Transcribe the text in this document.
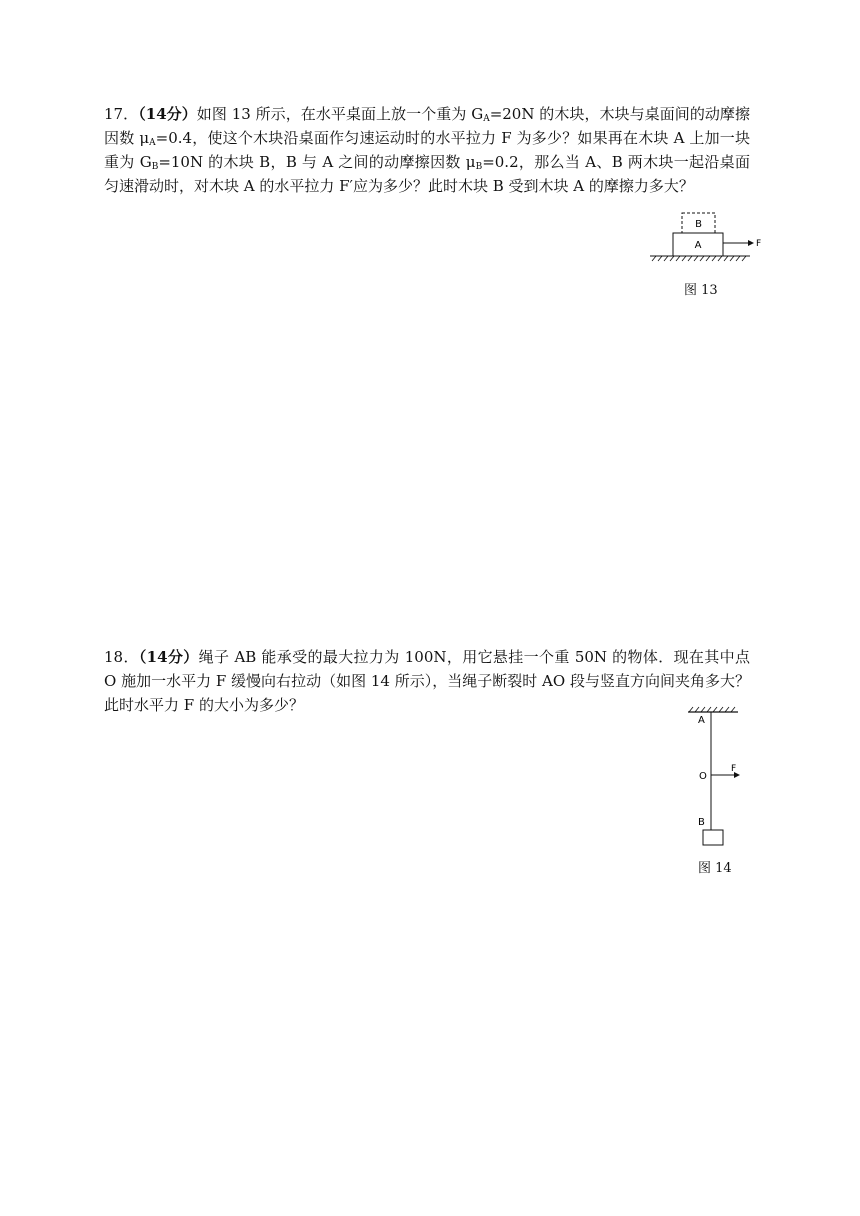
17．（14分）如图 13 所示，在水平桌面上放一个重为 $G_A=20N$ 的木块，木块与桌面间的动摩擦因数 $\mu_A=0.4$，使这个木块沿桌面作匀速运动时的水平拉力 F 为多少？如果再在木块 A 上加一块重为 $G_B=10N$ 的木块 B，B 与 A 之间的动摩擦因数 $\mu_B=0.2$，那么当 A、B 两木块一起沿桌面匀速滑动时，对木块 A 的水平拉力 F′应为多少？此时木块 B 受到木块 A 的摩擦力多大？

B
A	F
图 13

18．（14分）绳子 AB 能承受的最大拉力为 100N，用它悬挂一个重 50N 的物体．现在其中点 O 施加一水平力 F 缓慢向右拉动（如图 14 所示），当绳子断裂时 AO 段与竖直方向间夹角多大？此时水平力 F 的大小为多少？

A
O
F
B
图 14
